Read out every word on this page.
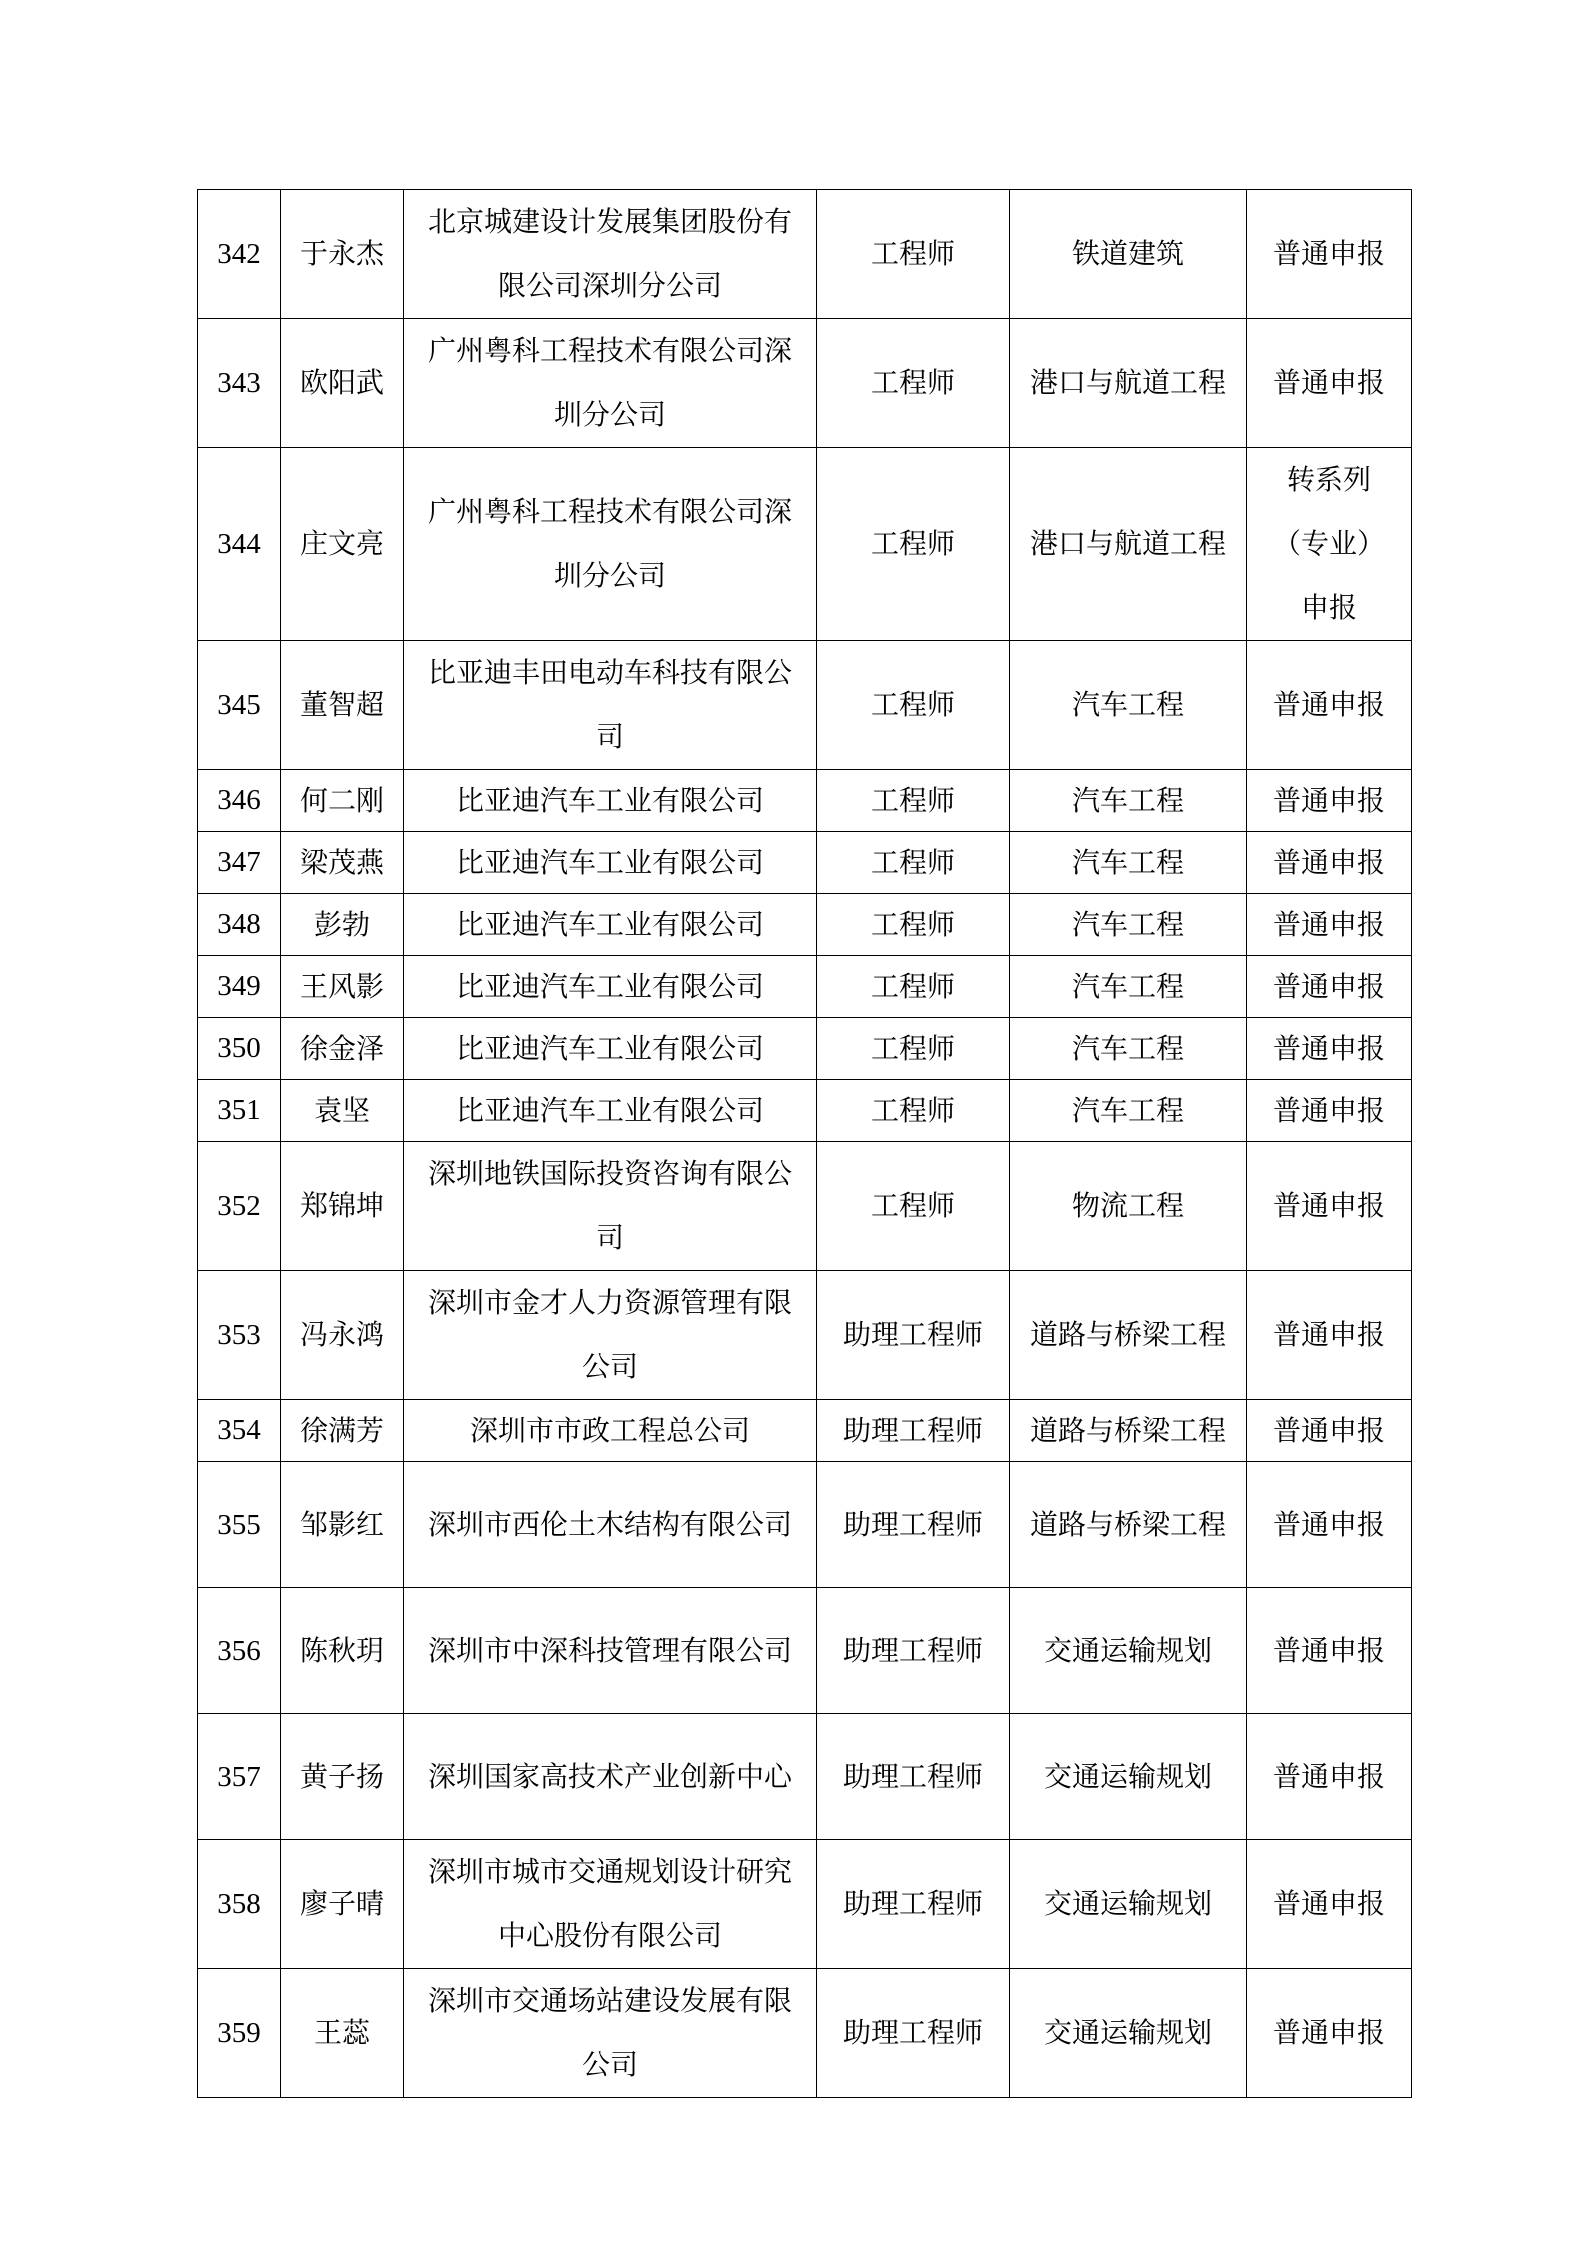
342	于永杰	北京城建设计发展集团股份有限公司深圳分公司	工程师	铁道建筑	普通申报
343	欧阳武	广州粤科工程技术有限公司深圳分公司	工程师	港口与航道工程	普通申报
344	庄文亮	广州粤科工程技术有限公司深圳分公司	工程师	港口与航道工程	转系列（专业）申报
345	董智超	比亚迪丰田电动车科技有限公司	工程师	汽车工程	普通申报
346	何二刚	比亚迪汽车工业有限公司	工程师	汽车工程	普通申报
347	梁茂燕	比亚迪汽车工业有限公司	工程师	汽车工程	普通申报
348	彭勃	比亚迪汽车工业有限公司	工程师	汽车工程	普通申报
349	王风影	比亚迪汽车工业有限公司	工程师	汽车工程	普通申报
350	徐金泽	比亚迪汽车工业有限公司	工程师	汽车工程	普通申报
351	袁坚	比亚迪汽车工业有限公司	工程师	汽车工程	普通申报
352	郑锦坤	深圳地铁国际投资咨询有限公司	工程师	物流工程	普通申报
353	冯永鸿	深圳市金才人力资源管理有限公司	助理工程师	道路与桥梁工程	普通申报
354	徐满芳	深圳市市政工程总公司	助理工程师	道路与桥梁工程	普通申报
355	邹影红	深圳市西伦土木结构有限公司	助理工程师	道路与桥梁工程	普通申报
356	陈秋玥	深圳市中深科技管理有限公司	助理工程师	交通运输规划	普通申报
357	黄子扬	深圳国家高技术产业创新中心	助理工程师	交通运输规划	普通申报
358	廖子晴	深圳市城市交通规划设计研究中心股份有限公司	助理工程师	交通运输规划	普通申报
359	王蕊	深圳市交通场站建设发展有限公司	助理工程师	交通运输规划	普通申报
